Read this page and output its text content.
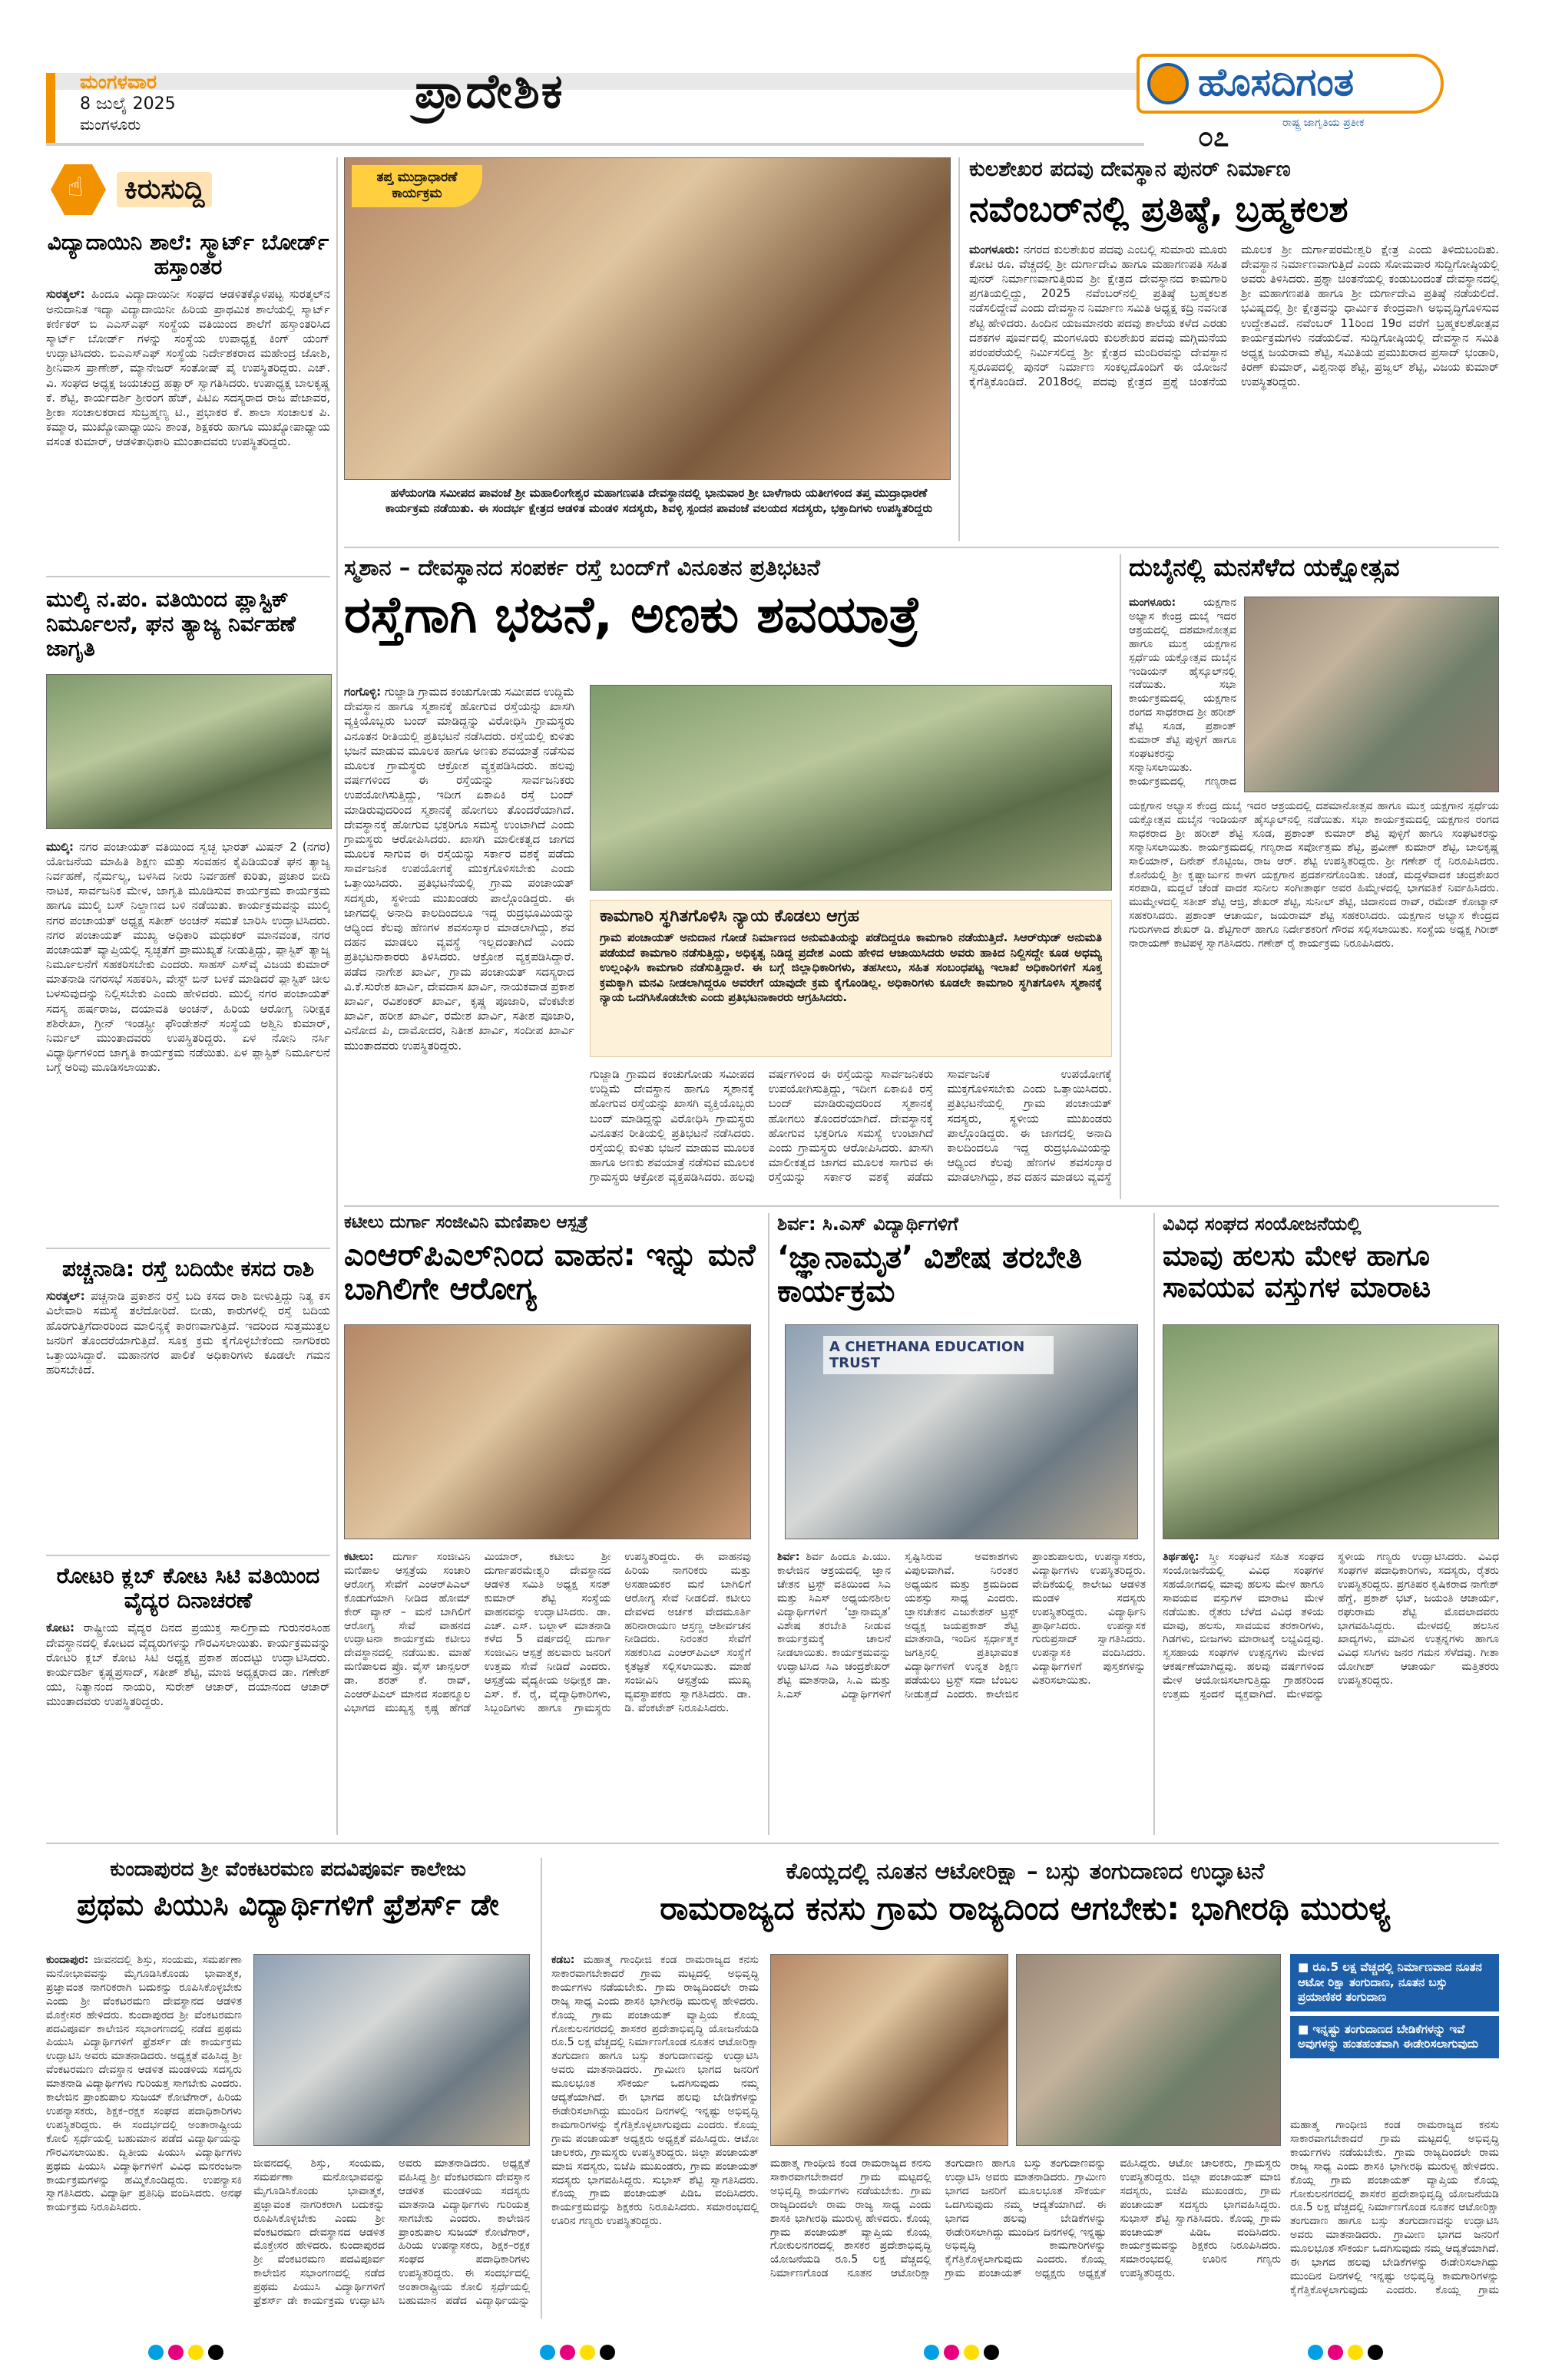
ಮಂಗಳವಾರ
8 ಜುಲೈ 2025
ಮಂಗಳೂರು
ಪ್ರಾದೇಶಿಕ	ಹೊಸದಿಗಂತ
ರಾಷ್ಟ್ರ ಜಾಗೃತಿಯ ಪ್ರತೀಕ
೦೭
☝ ಕಿರುಸುದ್ದಿ
ವಿದ್ಯಾದಾಯಿನಿ ಶಾಲೆ: ಸ್ಮಾರ್ಟ್ ಬೋರ್ಡ್ ಹಸ್ತಾಂತರ
ಸುರತ್ಕಲ್: ಹಿಂದೂ ವಿದ್ಯಾದಾಯಿನೀ ಸಂಘದ ಆಡಳಿತಕ್ಕೊಳಪಟ್ಟ ಸುರತ್ಕಲ್‌ನ ಅನುದಾನಿತ ಇದ್ಯಾ ವಿದ್ಯಾದಾಯಿನೀ ಹಿರಿಯ ಪ್ರಾಥಮಿಕ ಶಾಲೆಯಲ್ಲಿ ಸ್ಮಾರ್ಟ್ ಕರ್ಣಿಕರ್ ಬಿ ಎಎಸ್‌ಎಫ್ ಸಂಸ್ಥೆಯ ವತಿಯಿಂದ ಶಾಲೆಗೆ ಹಸ್ತಾಂತರಿಸಿದ ಸ್ಮಾರ್ಟ್ ಬೋರ್ಡ್ ಗಳನ್ನು ಸಂಸ್ಥೆಯ ಉಪಾಧ್ಯಕ್ಷ ಕಿಂಗ್ ಯಂಗ್ ಉದ್ಘಾಟಿಸಿದರು. ಬಿಎಎಸ್‌ಎಫ್ ಸಂಸ್ಥೆಯ ನಿರ್ದೇಶಕರಾದ ಮಹೇಂದ್ರ ಜೋಶಿ, ಶ್ರೀನಿವಾಸ ಪ್ರಾಣೇಶ್, ಮ್ಯಾನೇಜರ್ ಸಂತೋಷ್ ಪೈ ಉಪಸ್ಥಿತರಿದ್ದರು. ಎಚ್. ವಿ. ಸಂಘದ ಅಧ್ಯಕ್ಷ ಜಯಚಂದ್ರ ಹತ್ವಾರ್ ಸ್ವಾಗತಿಸಿದರು. ಉಪಾಧ್ಯಕ್ಷ ಬಾಲಕೃಷ್ಣ ಕೆ. ಶೆಟ್ಟಿ, ಕಾರ್ಯದರ್ಶಿ ಶ್ರೀರಂಗ ಹೆಚ್, ಪಿಟಿಏ ಸದಸ್ಯರಾದ ರಾಜ ಪೇಜಾವರ, ಶ್ರೀಕಾ ಸಂಚಾಲಕರಾದ ಸುಬ್ರಹ್ಮಣ್ಯ ಟಿ., ಪ್ರಭಾಕರ ಕೆ. ಶಾಲಾ ಸಂಚಾಲಕ ಪಿ. ಕಮ್ಮಾರ, ಮುಖ್ಯೋಪಾಧ್ಯಾಯಿನಿ ಶಾಂತ, ಶಿಕ್ಷಕರು ಹಾಗೂ ಮುಖ್ಯೋಪಾಧ್ಯಾಯ ವಸಂತ ಕುಮಾರ್, ಆಡಳಿತಾಧಿಕಾರಿ ಮುಂತಾದವರು ಉಪಸ್ಥಿತರಿದ್ದರು.
ಮುಲ್ಕಿ ನ.ಪಂ. ವತಿಯಿಂದ ಪ್ಲಾಸ್ಟಿಕ್ ನಿರ್ಮೂಲನೆ, ಘನ ತ್ಯಾಜ್ಯ ನಿರ್ವಹಣೆ ಜಾಗೃತಿ
ಮುಲ್ಕಿ: ನಗರ ಪಂಚಾಯತ್ ವತಿಯಿಂದ ಸ್ವಚ್ಛ ಭಾರತ್ ಮಿಷನ್ 2 (ನಗರ) ಯೋಜನೆಯ ಮಾಹಿತಿ ಶಿಕ್ಷಣ ಮತ್ತು ಸಂವಹನ ಕೈಪಿಡಿಯಂತೆ ಘನ ತ್ಯಾಜ್ಯ ನಿರ್ವಹಣೆ, ನೈರ್ಮಲ್ಯ, ಬಳಸಿದ ನೀರು ನಿರ್ವಹಣೆ ಕುರಿತು, ಪ್ರಚಾರ ಬೀದಿ ನಾಟಕ, ಸಾರ್ವಜನಿಕ ಮೇಳ, ಜಾಗೃತಿ ಮೂಡಿಸುವ ಕಾರ್ಯಕ್ರಮ ಕಾರ್ಯಕ್ರಮ ಹಾಗೂ ಮುಲ್ಕಿ ಬಸ್ ನಿಲ್ದಾಣದ ಬಳಿ ನಡೆಯಿತು. ಕಾರ್ಯಕ್ರಮವನ್ನು ಮುಲ್ಕಿ ನಗರ ಪಂಚಾಯತ್ ಅಧ್ಯಕ್ಷ ಸತೀಶ್ ಅಂಚನ್ ಸಮತೆ ಬಾರಿಸಿ ಉದ್ಘಾಟಿಸಿದರು. ನಗರ ಪಂಚಾಯತ್ ಮುಖ್ಯ ಅಧಿಕಾರಿ ಮಧುಕರ್ ಮಾನವಂತ, ನಗರ ಪಂಚಾಯತ್ ವ್ಯಾಪ್ತಿಯಲ್ಲಿ ಸ್ವಚ್ಛತೆಗೆ ಪ್ರಾಮುಖ್ಯತೆ ನೀಡುತ್ತಿದ್ದು, ಪ್ಲಾಸ್ಟಿಕ್ ತ್ಯಾಜ್ಯ ನಿರ್ಮೂಲನೆಗೆ ಸಹಕರಿಸಬೇಕು ಎಂದರು. ಸಾಹಸ್ ಎಸ್‌ವೈ ವಿಜಯ ಕುಮಾರ್ ಮಾತನಾಡಿ ನಗರಸಭೆ ಸಹಕರಿಸಿ, ವೇಸ್ಟ್ ಬಿನ್ ಬಳಕೆ ಮಾಡಿದರೆ ಪ್ಲಾಸ್ಟಿಕ್ ಚೀಲ ಬಳಸುವುದನ್ನು ನಿಲ್ಲಿಸಬೇಕು ಎಂದು ಹೇಳಿದರು. ಮುಲ್ಕಿ ನಗರ ಪಂಚಾಯತ್ ಸದಸ್ಯ ಹರ್ಷರಾಜ, ದಯಾವತಿ ಅಂಚನ್, ಹಿರಿಯ ಆರೋಗ್ಯ ನಿರೀಕ್ಷಕ ಶಶಿರೇಖಾ, ಗ್ರೀನ್ ಇಂಡಸ್ಟ್ರೀ ಫೌಂಡೇಶನ್ ಸಂಸ್ಥೆಯ ಅಶ್ವಿನಿ ಕುಮಾರ್, ನಿರ್ಮಲ್ ಮುಂತಾದವರು ಉಪಸ್ಥಿತರಿದ್ದರು. ಏಳ ನೋನಿ ನರ್ಸಿ ವಿಧ್ಯಾರ್ಥಿಗಳಿಂದ ಜಾಗೃತಿ ಕಾರ್ಯಕ್ರಮ ನಡೆಯಿತು. ಏಳ ಪ್ಲಾಸ್ಟಿಕ್ ನಿರ್ಮೂಲನೆ ಬಗ್ಗೆ ಅರಿವು ಮೂಡಿಸಲಾಯಿತು.
ಪಚ್ಚನಾಡಿ: ರಸ್ತೆ ಬದಿಯೇ ಕಸದ ರಾಶಿ
ಸುರತ್ಕಲ್: ಪಚ್ಚನಾಡಿ ಪ್ರಕಾಶನ ರಸ್ತೆ ಬದಿ ಕಸದ ರಾಶಿ ಬೀಳುತ್ತಿದ್ದು ನಿತ್ಯ ಕಸ ವಿಲೇವಾರಿ ಸಮಸ್ಯೆ ತಲೆದೋರಿದೆ. ಬೀಡು, ಕಾರುಗಳಲ್ಲಿ ರಸ್ತೆ ಬದಿಯ ಹೊರಗುತ್ತಿಗೆದಾರರಿಂದ ಮಾಲಿನ್ಯಕ್ಕೆ ಕಾರಣವಾಗುತ್ತಿದೆ. ಇದರಿಂದ ಸುತ್ತಮುತ್ತಲ ಜನರಿಗೆ ತೊಂದರೆಯಾಗುತ್ತಿದೆ. ಸೂಕ್ತ ಕ್ರಮ ಕೈಗೊಳ್ಳಬೇಕೆಂದು ನಾಗರಿಕರು ಒತ್ತಾಯಿಸಿದ್ದಾರೆ. ಮಹಾನಗರ ಪಾಲಿಕೆ ಅಧಿಕಾರಿಗಳು ಕೂಡಲೇ ಗಮನ ಹರಿಸಬೇಕಿದೆ.
ರೋಟರಿ ಕ್ಲಬ್ ಕೋಟ ಸಿಟಿ ವತಿಯಿಂದ ವೈದ್ಯರ ದಿನಾಚರಣೆ
ಕೋಟ: ರಾಷ್ಟ್ರೀಯ ವೈದ್ಯರ ದಿನದ ಪ್ರಯುಕ್ತ ಸಾಲಿಗ್ರಾಮ ಗುರುನರಸಿಂಹ ದೇವಸ್ಥಾನದಲ್ಲಿ ಕೋಟದ ವೈದ್ಯರುಗಳನ್ನು ಗೌರವಿಸಲಾಯಿತು. ಕಾರ್ಯಕ್ರಮವನ್ನು ರೋಟರಿ ಕ್ಲಬ್ ಕೋಟ ಸಿಟಿ ಅಧ್ಯಕ್ಷ ಪ್ರಕಾಶ ಹಂದಟ್ಟು ಉದ್ಘಾಟಿಸಿದರು. ಕಾರ್ಯದರ್ಶಿ ಕೃಷ್ಣಪ್ರಸಾದ್, ಸತೀಶ್ ಶೆಟ್ಟಿ, ಮಾಜಿ ಅಧ್ಯಕ್ಷರಾದ ಡಾ. ಗಣೇಶ್ ಯು, ನಿತ್ಯಾನಂದ ನಾಯರಿ, ಸುರೇಶ್ ಆಚಾರ್, ದಯಾನಂದ ಆಚಾರ್ ಮುಂತಾದವರು ಉಪಸ್ಥಿತರಿದ್ದರು.
ತಪ್ತ ಮುದ್ರಾಧಾರಣೆ ಕಾರ್ಯಕ್ರಮ
ಹಳೆಯಂಗಡಿ ಸಮೀಪದ ಪಾವಂಜೆ ಶ್ರೀ ಮಹಾಲಿಂಗೇಶ್ವರ ಮಹಾಗಣಪತಿ ದೇವಸ್ಥಾನದಲ್ಲಿ ಭಾನುವಾರ ಶ್ರೀ ಬಾಳೆಗಾರು ಯತೀಗಳಿಂದ ತಪ್ತ ಮುದ್ರಾಧಾರಣೆ ಕಾರ್ಯಕ್ರಮ ನಡೆಯಿತು. ಈ ಸಂದರ್ಭ ಕ್ಷೇತ್ರದ ಆಡಳಿತ ಮಂಡಳಿ ಸದಸ್ಯರು, ಶಿವಳ್ಳಿ ಸ್ಪಂದನ ಪಾವಂಜೆ ವಲಯದ ಸದಸ್ಯರು, ಭಕ್ತಾದಿಗಳು ಉಪಸ್ಥಿತರಿದ್ದರು
ಕುಲಶೇಖರ ಪದವು ದೇವಸ್ಥಾನ ಪುನರ್ ನಿರ್ಮಾಣ
ನವೆಂಬರ್‌ನಲ್ಲಿ ಪ್ರತಿಷ್ಠೆ, ಬ್ರಹ್ಮಕಲಶ
ಮಂಗಳೂರು: ನಗರದ ಕುಲಶೇಖರ ಪದವು ಎಂಬಲ್ಲಿ ಸುಮಾರು ಮೂರು ಕೋಟಿ ರೂ. ವೆಚ್ಚದಲ್ಲಿ ಶ್ರೀ ದುರ್ಗಾದೇವಿ ಹಾಗೂ ಮಹಾಗಣಪತಿ ಸಹಿತ ಪುನರ್ ನಿರ್ಮಾಣವಾಗುತ್ತಿರುವ ಶ್ರೀ ಕ್ಷೇತ್ರದ ದೇವಸ್ಥಾನದ ಕಾಮಗಾರಿ ಪ್ರಗತಿಯಲ್ಲಿದ್ದು, 2025 ನವೆಂಬರ್‌ನಲ್ಲಿ ಪ್ರತಿಷ್ಠೆ ಬ್ರಹ್ಮಕಲಶ ನಡೆಸಲಿದ್ದೇವೆ ಎಂದು ದೇವಸ್ಥಾನ ನಿರ್ಮಾಣ ಸಮಿತಿ ಅಧ್ಯಕ್ಷ ಕದ್ರಿ ನವನೀತ ಶೆಟ್ಟಿ ಹೇಳಿದರು. ಹಿಂದಿನ ಯಜಮಾನರು ಪದವು ಶಾಲೆಯ ಕಳೆದ ಎರಡು ದಶಕಗಳ ಪೂರ್ವದಲ್ಲಿ ಮಂಗಳೂರು ಕುಲಶೇಖರ ಪದವು ಮಗ್ಗಿಮನೆಯ ಪರಂಪರೆಯಲ್ಲಿ ನಿರ್ಮಿಸಲಿದ್ದ ಶ್ರೀ ಕ್ಷೇತ್ರದ ಮಂದಿರವನ್ನು ದೇವಸ್ಥಾನ ಸ್ವರೂಪದಲ್ಲಿ ಪುನರ್ ನಿರ್ಮಾಣ ಸಂಕಲ್ಪದೊಂದಿಗೆ ಈ ಯೋಜನೆ ಕೈಗೆತ್ತಿಕೊಂಡಿದೆ. 2018ರಲ್ಲಿ ಪದವು ಕ್ಷೇತ್ರದ ಪ್ರಶ್ನೆ ಚಿಂತನೆಯ ಮೂಲಕ ಶ್ರೀ ದುರ್ಗಾಪರಮೇಶ್ವರಿ ಕ್ಷೇತ್ರ ಎಂದು ತಿಳಿದುಬಂದಿತು. ದೇವಸ್ಥಾನ ನಿರ್ಮಾಣವಾಗುತ್ತಿದೆ ಎಂದು ಸೋಮವಾರ ಸುದ್ದಿಗೋಷ್ಠಿಯಲ್ಲಿ ಅವರು ತಿಳಿಸಿದರು. ಪ್ರಶ್ನಾ ಚಿಂತನೆಯಲ್ಲಿ ಕಂಡುಬಂದಂತೆ ದೇವಸ್ಥಾನದಲ್ಲಿ ಶ್ರೀ ಮಹಾಗಣಪತಿ ಹಾಗೂ ಶ್ರೀ ದುರ್ಗಾದೇವಿ ಪ್ರತಿಷ್ಠೆ ನಡೆಯಲಿದೆ. ಭವಿಷ್ಯದಲ್ಲಿ ಶ್ರೀ ಕ್ಷೇತ್ರವನ್ನು ಧಾರ್ಮಿಕ ಕೇಂದ್ರವಾಗಿ ಅಭಿವೃದ್ಧಿಗೊಳಿಸುವ ಉದ್ದೇಶವಿದೆ. ನವೆಂಬರ್ 11ರಿಂದ 19ರ ವರೆಗೆ ಬ್ರಹ್ಮಕಲಶೋತ್ಸವ ಕಾರ್ಯಕ್ರಮಗಳು ನಡೆಯಲಿವೆ. ಸುದ್ದಿಗೋಷ್ಠಿಯಲ್ಲಿ ದೇವಸ್ಥಾನ ಸಮಿತಿ ಅಧ್ಯಕ್ಷ ಜಯರಾಮ ಶೆಟ್ಟಿ, ಸಮಿತಿಯ ಪ್ರಮುಖರಾದ ಪ್ರಸಾದ್ ಭಂಡಾರಿ, ಕಿರಣ್ ಕುಮಾರ್, ವಿಶ್ವನಾಥ ಶೆಟ್ಟಿ, ಪ್ರಜ್ವಲ್ ಶೆಟ್ಟಿ, ವಿಜಯ ಕುಮಾರ್ ಉಪಸ್ಥಿತರಿದ್ದರು.
ಸ್ಮಶಾನ – ದೇವಸ್ಥಾನದ ಸಂಪರ್ಕ ರಸ್ತೆ ಬಂದ್‌ಗೆ ವಿನೂತನ ಪ್ರತಿಭಟನೆ
ರಸ್ತೆಗಾಗಿ ಭಜನೆ, ಅಣಕು ಶವಯಾತ್ರೆ
ಗಂಗೊಳ್ಳಿ: ಗುಜ್ಜಾಡಿ ಗ್ರಾಮದ ಕಂಚುಗೋಡು ಸಮೀಪದ ಉದ್ದಿಮೆ ದೇವಸ್ಥಾನ ಹಾಗೂ ಸ್ಮಶಾನಕ್ಕೆ ಹೋಗುವ ರಸ್ತೆಯನ್ನು ಖಾಸಗಿ ವ್ಯಕ್ತಿಯೊಬ್ಬರು ಬಂದ್ ಮಾಡಿದ್ದನ್ನು ವಿರೋಧಿಸಿ ಗ್ರಾಮಸ್ಥರು ವಿನೂತನ ರೀತಿಯಲ್ಲಿ ಪ್ರತಿಭಟನೆ ನಡೆಸಿದರು. ರಸ್ತೆಯಲ್ಲಿ ಕುಳಿತು ಭಜನೆ ಮಾಡುವ ಮೂಲಕ ಹಾಗೂ ಅಣಕು ಶವಯಾತ್ರೆ ನಡೆಸುವ ಮೂಲಕ ಗ್ರಾಮಸ್ಥರು ಆಕ್ರೋಶ ವ್ಯಕ್ತಪಡಿಸಿದರು. ಹಲವು ವರ್ಷಗಳಿಂದ ಈ ರಸ್ತೆಯನ್ನು ಸಾರ್ವಜನಿಕರು ಉಪಯೋಗಿಸುತ್ತಿದ್ದು, ಇದೀಗ ಏಕಾಏಕಿ ರಸ್ತೆ ಬಂದ್ ಮಾಡಿರುವುದರಿಂದ ಸ್ಮಶಾನಕ್ಕೆ ಹೋಗಲು ತೊಂದರೆಯಾಗಿದೆ. ದೇವಸ್ಥಾನಕ್ಕೆ ಹೋಗುವ ಭಕ್ತರಿಗೂ ಸಮಸ್ಯೆ ಉಂಟಾಗಿದೆ ಎಂದು ಗ್ರಾಮಸ್ಥರು ಆರೋಪಿಸಿದರು. ಖಾಸಗಿ ಮಾಲೀಕತ್ವದ ಜಾಗದ ಮೂಲಕ ಸಾಗುವ ಈ ರಸ್ತೆಯನ್ನು ಸರ್ಕಾರ ವಶಕ್ಕೆ ಪಡೆದು ಸಾರ್ವಜನಿಕ ಉಪಯೋಗಕ್ಕೆ ಮುಕ್ತಗೊಳಿಸಬೇಕು ಎಂದು ಒತ್ತಾಯಿಸಿದರು. ಪ್ರತಿಭಟನೆಯಲ್ಲಿ ಗ್ರಾಮ ಪಂಚಾಯತ್ ಸದಸ್ಯರು, ಸ್ಥಳೀಯ ಮುಖಂಡರು ಪಾಲ್ಗೊಂಡಿದ್ದರು. ಈ ಜಾಗದಲ್ಲಿ ಅನಾದಿ ಕಾಲದಿಂದಲೂ ಇದ್ದ ರುದ್ರಭೂಮಿಯನ್ನು ಆಧ್ಯಿಂದ ಕೆಲವು ಹೆಣಗಳ ಶವಸಂಸ್ಕಾರ ಮಾಡಲಾಗಿದ್ದು, ಶವ ದಹನ ಮಾಡಲು ವ್ಯವಸ್ಥೆ ಇಲ್ಲದಂತಾಗಿದೆ ಎಂದು ಪ್ರತಿಭಟನಾಕಾರರು ತಿಳಿಸಿದರು. ಆಕ್ರೋಶ ವ್ಯಕ್ತಪಡಿಸಿದ್ದಾರೆ. ಪಡೆದ ನಾಗೇಶ ಖಾರ್ವಿ, ಗ್ರಾಮ ಪಂಚಾಯತ್ ಸದಸ್ಯರಾದ ವಿ.ಕೆ.ಸುರೇಶ ಖಾರ್ವಿ, ದೇವದಾಸ ಖಾರ್ವಿ, ನಾಯಕವಾಡ ಪ್ರಕಾಶ ಖಾರ್ವಿ, ರವಿಶಂಕರ್ ಖಾರ್ವಿ, ಕೃಷ್ಣ ಪೂಜಾರಿ, ವೆಂಕಟೇಶ ಖಾರ್ವಿ, ಹರೀಶ ಖಾರ್ವಿ, ರಮೇಶ ಖಾರ್ವಿ, ಸತೀಶ ಪೂಜಾರಿ, ವಿನೋದ ಪಿ, ದಾಮೋದರ, ನಿತೀಶ ಖಾರ್ವಿ, ಸಂದೀಪ ಖಾರ್ವಿ ಮುಂತಾದವರು ಉಪಸ್ಥಿತರಿದ್ದರು.
ಕಾಮಗಾರಿ ಸ್ಥಗಿತಗೊಳಿಸಿ ನ್ಯಾಯ ಕೊಡಲು ಆಗ್ರಹ
ಗ್ರಾಮ ಪಂಚಾಯತ್ ಅನುದಾನ ಗೋಡೆ ನಿರ್ಮಾಣದ ಅನುಮತಿಯನ್ನು ಪಡೆದಿದ್ದರೂ ಕಾಮಗಾರಿ ನಡೆಯುತ್ತಿದೆ. ಸಿಆರ್‌ಝಡ್ ಅನುಮತಿ ಪಡೆಯದೆ ಕಾಮಗಾರಿ ನಡೆಸುತ್ತಿದ್ದು, ಅಧಿಕೃತ್ವ ನಿಡಿದ್ದ ಪ್ರದೇಶ ಎಂದು ಹೇಳಿದ ಆಜಾಯಿಸಿದರು ಅವರು ಹಾಕಿದ ನಿಲ್ದಿಸದ್ದೇ ಕೂಡ ಅಧಮ್ಯ ಉಲ್ಲಂಘಿಸಿ ಕಾಮಗಾರಿ ನಡೆಸುತ್ತಿದ್ದಾರೆ. ಈ ಬಗ್ಗೆ ಜಿಲ್ಲಾಧಿಕಾರಿಗಳು, ತಹಸೀಲು, ಸಹಿತ ಸಂಬಂಧಪಟ್ಟ ಇಲಾಖೆ ಅಧಿಕಾರಿಗಳಿಗೆ ಸೂಕ್ತ ಕ್ರಮಕ್ಕಾಗಿ ಮನವಿ ನೀಡಲಾಗಿದ್ದರೂ ಅವರೇಗೆ ಯಾವುದೇ ಕ್ರಮ ಕೈಗೊಂಡಿಲ್ಲ. ಅಧಿಕಾರಿಗಳು ಕೂಡಲೇ ಕಾಮಗಾರಿ ಸ್ಥಗಿತಗೊಳಿಸಿ ಸ್ಮಶಾನಕ್ಕೆ ನ್ಯಾಯ ಒದಗಿಸಿಕೊಡಬೇಕು ಎಂದು ಪ್ರತಿಭಟನಾಕಾರರು ಆಗ್ರಹಿಸಿದರು.
ಗುಜ್ಜಾಡಿ ಗ್ರಾಮದ ಕಂಚುಗೋಡು ಸಮೀಪದ ಉದ್ದಿಮೆ ದೇವಸ್ಥಾನ ಹಾಗೂ ಸ್ಮಶಾನಕ್ಕೆ ಹೋಗುವ ರಸ್ತೆಯನ್ನು ಖಾಸಗಿ ವ್ಯಕ್ತಿಯೊಬ್ಬರು ಬಂದ್ ಮಾಡಿದ್ದನ್ನು ವಿರೋಧಿಸಿ ಗ್ರಾಮಸ್ಥರು ವಿನೂತನ ರೀತಿಯಲ್ಲಿ ಪ್ರತಿಭಟನೆ ನಡೆಸಿದರು. ರಸ್ತೆಯಲ್ಲಿ ಕುಳಿತು ಭಜನೆ ಮಾಡುವ ಮೂಲಕ ಹಾಗೂ ಅಣಕು ಶವಯಾತ್ರೆ ನಡೆಸುವ ಮೂಲಕ ಗ್ರಾಮಸ್ಥರು ಆಕ್ರೋಶ ವ್ಯಕ್ತಪಡಿಸಿದರು. ಹಲವು ವರ್ಷಗಳಿಂದ ಈ ರಸ್ತೆಯನ್ನು ಸಾರ್ವಜನಿಕರು ಉಪಯೋಗಿಸುತ್ತಿದ್ದು, ಇದೀಗ ಏಕಾಏಕಿ ರಸ್ತೆ ಬಂದ್ ಮಾಡಿರುವುದರಿಂದ ಸ್ಮಶಾನಕ್ಕೆ ಹೋಗಲು ತೊಂದರೆಯಾಗಿದೆ. ದೇವಸ್ಥಾನಕ್ಕೆ ಹೋಗುವ ಭಕ್ತರಿಗೂ ಸಮಸ್ಯೆ ಉಂಟಾಗಿದೆ ಎಂದು ಗ್ರಾಮಸ್ಥರು ಆರೋಪಿಸಿದರು. ಖಾಸಗಿ ಮಾಲೀಕತ್ವದ ಜಾಗದ ಮೂಲಕ ಸಾಗುವ ಈ ರಸ್ತೆಯನ್ನು ಸರ್ಕಾರ ವಶಕ್ಕೆ ಪಡೆದು ಸಾರ್ವಜನಿಕ ಉಪಯೋಗಕ್ಕೆ ಮುಕ್ತಗೊಳಿಸಬೇಕು ಎಂದು ಒತ್ತಾಯಿಸಿದರು. ಪ್ರತಿಭಟನೆಯಲ್ಲಿ ಗ್ರಾಮ ಪಂಚಾಯತ್ ಸದಸ್ಯರು, ಸ್ಥಳೀಯ ಮುಖಂಡರು ಪಾಲ್ಗೊಂಡಿದ್ದರು. ಈ ಜಾಗದಲ್ಲಿ ಅನಾದಿ ಕಾಲದಿಂದಲೂ ಇದ್ದ ರುದ್ರಭೂಮಿಯನ್ನು ಆಧ್ಯಿಂದ ಕೆಲವು ಹೆಣಗಳ ಶವಸಂಸ್ಕಾರ ಮಾಡಲಾಗಿದ್ದು, ಶವ ದಹನ ಮಾಡಲು ವ್ಯವಸ್ಥೆ
ದುಬೈನಲ್ಲಿ ಮನಸೆಳೆದ ಯಕ್ಷೋತ್ಸವ
ಮಂಗಳೂರು:	ಯಕ್ಷಗಾನ ಅಭ್ಯಾಸ ಕೇಂದ್ರ ದುಬೈ ಇದರ ಆಶ್ರಯದಲ್ಲಿ ದಶಮಾನೋತ್ಸವ ಹಾಗೂ ಮುಕ್ತ ಯಕ್ಷಗಾನ ಸ್ಪರ್ಧೆಯ ಯಕ್ಷೋತ್ಸವ ದುಬೈನ ಇಂಡಿಯನ್ ಹೈಸ್ಕೂಲ್‌ನಲ್ಲಿ ನಡೆಯಿತು. ಸಭಾ ಕಾರ್ಯಕ್ರಮದಲ್ಲಿ ಯಕ್ಷಗಾನ ರಂಗದ ಸಾಧಕರಾದ ಶ್ರೀ ಹರೀಶ್ ಶೆಟ್ಟಿ ಸೂಡ, ಪ್ರಶಾಂತ್ ಕುಮಾರ್ ಶೆಟ್ಟಿ ಪುಳ್ಳಿಗೆ ಹಾಗೂ ಸಂಘಟಕರನ್ನು ಸನ್ಮಾನಿಸಲಾಯಿತು. ಕಾರ್ಯಕ್ರಮದಲ್ಲಿ ಗಣ್ಯರಾದ
ಯಕ್ಷಗಾನ ಅಭ್ಯಾಸ ಕೇಂದ್ರ ದುಬೈ ಇದರ ಆಶ್ರಯದಲ್ಲಿ ದಶಮಾನೋತ್ಸವ ಹಾಗೂ ಮುಕ್ತ ಯಕ್ಷಗಾನ ಸ್ಪರ್ಧೆಯ ಯಕ್ಷೋತ್ಸವ ದುಬೈನ ಇಂಡಿಯನ್ ಹೈಸ್ಕೂಲ್‌ನಲ್ಲಿ ನಡೆಯಿತು. ಸಭಾ ಕಾರ್ಯಕ್ರಮದಲ್ಲಿ ಯಕ್ಷಗಾನ ರಂಗದ ಸಾಧಕರಾದ ಶ್ರೀ ಹರೀಶ್ ಶೆಟ್ಟಿ ಸೂಡ, ಪ್ರಶಾಂತ್ ಕುಮಾರ್ ಶೆಟ್ಟಿ ಪುಳ್ಳಿಗೆ ಹಾಗೂ ಸಂಘಟಕರನ್ನು ಸನ್ಮಾನಿಸಲಾಯಿತು. ಕಾರ್ಯಕ್ರಮದಲ್ಲಿ ಗಣ್ಯರಾದ ಸರ್ವೋತ್ತಮ ಶೆಟ್ಟಿ, ಪ್ರವೀಣ್ ಕುಮಾರ್ ಶೆಟ್ಟಿ, ಬಾಲಕೃಷ್ಣ ಸಾಲಿಯಾನ್, ದಿನೇಶ್ ಕೊಟ್ಟಿಂಜ, ರಾಜ ಆರ್. ಶೆಟ್ಟಿ ಉಪಸ್ಥಿತರಿದ್ದರು. ಶ್ರೀ ಗಣೇಶ್ ರೈ ನಿರೂಪಿಸಿದರು. ಕೊನೆಯಲ್ಲಿ ಶ್ರೀ ಕೃಷ್ಣಾರ್ಜುನ ಕಾಳಗ ಯಕ್ಷಗಾನ ಪ್ರದರ್ಶನಗೊಂಡಿತು. ಚಂಡೆ, ಮದ್ದಳೆವಾದಕ ಚಂದ್ರಶೇಖರ ಸರಪಾಡಿ, ಮದ್ದಲೆ ಚೆಂಡೆ ವಾದಕ ಸುನೀಲ ಸಂಗೀತಾರ್ಥ ಅವರ ಹಿಮ್ಮೇಳದಲ್ಲಿ ಭಾಗವತಿಕೆ ನಿರ್ವಹಿಸಿದರು. ಮುಮ್ಮೇಳದಲ್ಲಿ ಸತೀಶ್ ಶೆಟ್ಟಿ ಆಜ್ರಿ, ಶೇಖರ್ ಶೆಟ್ಟಿ, ಸುನೀಲ್ ಶೆಟ್ಟಿ, ಚಿದಾನಂದ ರಾವ್, ರಮೇಶ್ ಕೋಟ್ಯಾನ್ ಸಹಕರಿಸಿದರು. ಪ್ರಶಾಂತ್ ಆಚಾರ್ಯ, ಜಯರಾಮ್ ಶೆಟ್ಟಿ ಸಹಕರಿಸಿದರು. ಯಕ್ಷಗಾನ ಅಭ್ಯಾಸ ಕೇಂದ್ರದ ಗುರುಗಳಾದ ಶೇಖರ್ ಡಿ. ಶೆಟ್ಟಿಗಾರ್ ಹಾಗೂ ನಿರ್ದೇಶಕರಿಗೆ ಗೌರವ ಸಲ್ಲಿಸಲಾಯಿತು. ಸಂಸ್ಥೆಯ ಅಧ್ಯಕ್ಷ ಗಿರೀಶ್ ನಾರಾಯಣ್ ಕಾಟಿಪಳ್ಳ ಸ್ವಾಗತಿಸಿದರು. ಗಣೇಶ್ ರೈ ಕಾರ್ಯಕ್ರಮ ನಿರೂಪಿಸಿದರು.
ಕಟೀಲು ದುರ್ಗಾ ಸಂಜೀವಿನಿ ಮಣಿಪಾಲ ಆಸ್ಪತ್ರೆ
ಎಂಆರ್‌ಪಿಎಲ್‌ನಿಂದ ವಾಹನ: ಇನ್ನು ಮನೆ ಬಾಗಿಲಿಗೇ ಆರೋಗ್ಯ
ಕಟೀಲು: ದುರ್ಗಾ ಸಂಜೀವಿನಿ ಮಣಿಪಾಲ ಆಸ್ಪತ್ರೆಯ ಸಂಚಾರಿ ಆರೋಗ್ಯ ಸೇವೆಗೆ ಎಂಆರ್‌ಪಿಎಲ್ ಕೊಡುಗೆಯಾಗಿ ನೀಡಿದ ಹೋಮ್ ಕೇರ್ ವ್ಯಾನ್ – ಮನೆ ಬಾಗಿಲಿಗೆ ಆರೋಗ್ಯ ಸೇವೆ ವಾಹನದ ಉದ್ಘಾಟನಾ ಕಾರ್ಯಕ್ರಮ ಕಟೀಲು ದೇವಸ್ಥಾನದಲ್ಲಿ ನಡೆಯಿತು. ಮಾಹೆ ಮಣಿಪಾಲದ ಪ್ರೊ. ವೈಸ್ ಚಾನ್ಸಲರ್ ಡಾ. ಶರತ್ ಕೆ. ರಾವ್, ಎಂಆರ್‌ಪಿಎಲ್ ಮಾನವ ಸಂಪನ್ಮೂಲ ವಿಭಾಗದ ಮುಖ್ಯಸ್ಥ ಕೃಷ್ಣ ಹೆಗಡೆ ಮಿಯಾರ್, ಕಟೀಲು ಶ್ರೀ ದುರ್ಗಾಪರಮೇಶ್ವರಿ ದೇವಸ್ಥಾನದ ಆಡಳಿತ ಸಮಿತಿ ಅಧ್ಯಕ್ಷ ಸನತ್ ಕುಮಾರ್ ಶೆಟ್ಟಿ ಸಂಸ್ಥೆಯ ವಾಹನವನ್ನು ಉದ್ಘಾಟಿಸಿದರು. ಡಾ. ಎಚ್. ಎಸ್. ಬಲ್ಲಾಳ್ ಮಾತನಾಡಿ ಕಳೆದ 5 ವರ್ಷದಲ್ಲಿ ದುರ್ಗಾ ಸಂಜೀವಿನಿ ಆಸ್ಪತ್ರೆ ಹಲವಾರು ಜನರಿಗೆ ಉತ್ತಮ ಸೇವೆ ನೀಡಿದೆ ಎಂದರು. ಆಸ್ಪತ್ರೆಯ ವೈದ್ಯಕೀಯ ಅಧೀಕ್ಷಕ ಡಾ. ಎಸ್. ಕೆ. ರೈ, ವೈದ್ಯಾಧಿಕಾರಿಗಳು, ಸಿಬ್ಬಂದಿಗಳು ಹಾಗೂ ಗ್ರಾಮಸ್ಥರು ಉಪಸ್ಥಿತರಿದ್ದರು. ಈ ವಾಹನವು ಹಿರಿಯ ನಾಗರಿಕರು ಮತ್ತು ಅಸಹಾಯಕರ ಮನೆ ಬಾಗಿಲಿಗೆ ಆರೋಗ್ಯ ಸೇವೆ ನೀಡಲಿದೆ. ಕಟೀಲು ದೇವಳದ ಅರ್ಚಕ ವೇದಮೂರ್ತಿ ಹರಿನಾರಾಯಣ ಆಸ್ರಣ್ಣ ಆಶೀರ್ವಚನ ನೀಡಿದರು. ನಿರಂತರ ಸೇವೆಗೆ ಸಹಕರಿಸಿದ ಎಂಆರ್‌ಪಿಎಲ್ ಸಂಸ್ಥೆಗೆ ಕೃತಜ್ಞತೆ ಸಲ್ಲಿಸಲಾಯಿತು. ಮಾಹೆ ಸಂಜೀವಿನಿ ಆಸ್ಪತ್ರೆಯ ಮುಖ್ಯ ವ್ಯವಸ್ಥಾಪಕರು ಸ್ವಾಗತಿಸಿದರು. ಡಾ. ಡಿ. ವೆಂಕಟೇಶ್ ನಿರೂಪಿಸಿದರು.
ಶಿರ್ವ: ಸಿ.ಎಸ್ ವಿದ್ಯಾರ್ಥಿಗಳಿಗೆ
‘ಜ್ಞಾನಾಮೃತ’ ವಿಶೇಷ ತರಬೇತಿ ಕಾರ್ಯಕ್ರಮ
A CHETHANA EDUCATION TRUST
ಶಿರ್ವ: ಶಿರ್ವ ಹಿಂದೂ ಪಿ.ಯು. ಕಾಲೇಜಿನ ಆಶ್ರಯದಲ್ಲಿ ಜ್ಞಾನ ಚೇತನ ಟ್ರಸ್ಟ್ ವತಿಯಿಂದ ಸಿಎ ಮತ್ತು ಸಿಎಸ್ ಅಧ್ಯಯನಶೀಲ ವಿದ್ಯಾರ್ಥಿಗಳಿಗೆ ‘ಜ್ಞಾನಾಮೃತ’ ವಿಶೇಷ ತರಬೇತಿ ನೀಡುವ ಕಾರ್ಯಕ್ರಮಕ್ಕೆ ಚಾಲನೆ ನೀಡಲಾಯಿತು. ಕಾರ್ಯಕ್ರಮವನ್ನು ಉದ್ಘಾಟಿಸಿದ ಸಿಎ ಚಂದ್ರಶೇಖರ್ ಶೆಟ್ಟಿ ಮಾತನಾಡಿ, ಸಿ.ಎ ಮತ್ತು ಸಿ.ಎಸ್ ವಿದ್ಯಾರ್ಥಿಗಳಿಗೆ ಸೃಷ್ಟಿಸಿರುವ ಅವಕಾಶಗಳು ವಿಪುಲವಾಗಿವೆ. ನಿರಂತರ ಅಧ್ಯಯನ ಮತ್ತು ಶ್ರಮದಿಂದ ಯಶಸ್ಸು ಸಾಧ್ಯ ಎಂದರು. ಜ್ಞಾನಚೇತನ ಎಜುಕೇಶನ್ ಟ್ರಸ್ಟ್ ಅಧ್ಯಕ್ಷ ಜಯಪ್ರಕಾಶ್ ಶೆಟ್ಟಿ ಮಾತನಾಡಿ, ಇಂದಿನ ಸ್ಪರ್ಧಾತ್ಮಕ ಜಗತ್ತಿನಲ್ಲಿ ಪ್ರತಿಭಾವಂತ ವಿದ್ಯಾರ್ಥಿಗಳಿಗೆ ಉನ್ನತ ಶಿಕ್ಷಣ ಪಡೆಯಲು ಟ್ರಸ್ಟ್ ಸದಾ ಬೆಂಬಲ ನೀಡುತ್ತದೆ ಎಂದರು. ಕಾಲೇಜಿನ ಪ್ರಾಂಶುಪಾಲರು, ಉಪನ್ಯಾಸಕರು, ವಿದ್ಯಾರ್ಥಿಗಳು ಉಪಸ್ಥಿತರಿದ್ದರು. ವೇದಿಕೆಯಲ್ಲಿ ಕಾಲೇಜು ಆಡಳಿತ ಮಂಡಳಿ ಸದಸ್ಯರು ಉಪಸ್ಥಿತರಿದ್ದರು. ವಿದ್ಯಾರ್ಥಿನಿ ಪ್ರಾರ್ಥಿಸಿದರು. ಉಪನ್ಯಾಸಕ ಗುರುಪ್ರಸಾದ್ ಸ್ವಾಗತಿಸಿದರು. ಉಪನ್ಯಾಸಕಿ ವಂದಿಸಿದರು. ವಿದ್ಯಾರ್ಥಿಗಳಿಗೆ ಪುಸ್ತಕಗಳನ್ನು ವಿತರಿಸಲಾಯಿತು.
ವಿವಿಧ ಸಂಘದ ಸಂಯೋಜನೆಯಲ್ಲಿ
ಮಾವು ಹಲಸು ಮೇಳ ಹಾಗೂ ಸಾವಯವ ವಸ್ತುಗಳ ಮಾರಾಟ
ತಿರ್ಥಹಳ್ಳಿ: ಸ್ತ್ರೀ ಸಂಘಟನೆ ಸಹಿತ ಸಂಘದ ಸಂಯೋಜನೆಯಲ್ಲಿ ವಿವಿಧ ಸಂಘಗಳ ಸಹಯೋಗದಲ್ಲಿ ಮಾವು ಹಲಸು ಮೇಳ ಹಾಗೂ ಸಾವಯವ ವಸ್ತುಗಳ ಮಾರಾಟ ಮೇಳ ನಡೆಯಿತು. ರೈತರು ಬೆಳೆದ ವಿವಿಧ ತಳಿಯ ಮಾವು, ಹಲಸು, ಸಾವಯವ ತರಕಾರಿಗಳು, ಗಿಡಗಳು, ಬೀಜಗಳು ಮಾರಾಟಕ್ಕೆ ಲಭ್ಯವಿದ್ದವು. ಸ್ವಸಹಾಯ ಸಂಘಗಳ ಉತ್ಪನ್ನಗಳು ಮೇಳದ ಆಕರ್ಷಣೆಯಾಗಿದ್ದವು. ಹಲವು ವರ್ಷಗಳಿಂದ ಮೇಳ ಆಯೋಜಿಸಲಾಗುತ್ತಿದ್ದು ಗ್ರಾಹಕರಿಂದ ಉತ್ತಮ ಸ್ಪಂದನೆ ವ್ಯಕ್ತವಾಗಿದೆ. ಮೇಳವನ್ನು ಸ್ಥಳೀಯ ಗಣ್ಯರು ಉದ್ಘಾಟಿಸಿದರು. ವಿವಿಧ ಸಂಘಗಳ ಪದಾಧಿಕಾರಿಗಳು, ಸದಸ್ಯರು, ರೈತರು ಉಪಸ್ಥಿತರಿದ್ದರು. ಪ್ರಗತಿಪರ ಕೃಷಿಕರಾದ ನಾಗೇಶ್ ಹೆಗ್ಡೆ, ಪ್ರಕಾಶ್ ಭಟ್, ಜಯಂತಿ ಆಚಾರ್ಯ, ರಘುರಾಮ ಶೆಟ್ಟಿ ಮೊದಲಾದವರು ಭಾಗವಹಿಸಿದ್ದರು. ಮೇಳದಲ್ಲಿ ಹಲಸಿನ ಖಾದ್ಯಗಳು, ಮಾವಿನ ಉತ್ಪನ್ನಗಳು ಹಾಗೂ ವಿವಿಧ ಸಸಿಗಳು ಜನರ ಗಮನ ಸೆಳೆದವು. ಗೀತಾ ಯೋಗೀಶ್ ಆಚಾರ್ಯ ಮತ್ತಿತರರು ಉಪಸ್ಥಿತರಿದ್ದರು.
ಕುಂದಾಪುರದ ಶ್ರೀ ವೆಂಕಟರಮಣ ಪದವಿಪೂರ್ವ ಕಾಲೇಜು
ಪ್ರಥಮ ಪಿಯುಸಿ ವಿದ್ಯಾರ್ಥಿಗಳಿಗೆ ಫ್ರೆಶರ್ಸ್ ಡೇ
ಕುಂದಾಪುರ: ಜೀವನದಲ್ಲಿ ಶಿಸ್ತು, ಸಂಯಮ, ಸಮರ್ಪಣಾ ಮನೋಭಾವವನ್ನು ಮೈಗೂಡಿಸಿಕೊಂಡು ಭಾವಾತ್ಮಕ, ಪ್ರಜ್ಞಾವಂತ ನಾಗರಿಕರಾಗಿ ಬದುಕನ್ನು ರೂಪಿಸಿಕೊಳ್ಳಬೇಕು ಎಂದು ಶ್ರೀ ವೆಂಕಟರಮಣ ದೇವಸ್ಥಾನದ ಆಡಳಿತ ಮೊಕ್ತೇಸರ ಹೇಳಿದರು. ಕುಂದಾಪುರದ ಶ್ರೀ ವೆಂಕಟರಮಣ ಪದವಿಪೂರ್ವ ಕಾಲೇಜಿನ ಸಭಾಂಗಣದಲ್ಲಿ ನಡೆದ ಪ್ರಥಮ ಪಿಯುಸಿ ವಿದ್ಯಾರ್ಥಿಗಳಿಗೆ ಫ್ರೆಶರ್ಸ್ ಡೇ ಕಾರ್ಯಕ್ರಮ ಉದ್ಘಾಟಿಸಿ ಅವರು ಮಾತನಾಡಿದರು. ಅಧ್ಯಕ್ಷತೆ ವಹಿಸಿದ್ದ ಶ್ರೀ ವೆಂಕಟರಮಣ ದೇವಸ್ಥಾನ ಆಡಳಿತ ಮಂಡಳಿಯ ಸದಸ್ಯರು ಮಾತನಾಡಿ ವಿದ್ಯಾರ್ಥಿಗಳು ಗುರಿಯತ್ತ ಸಾಗಬೇಕು ಎಂದರು. ಕಾಲೇಜಿನ ಪ್ರಾಂಶುಪಾಲ ಸುಜಯ್ ಕೋಟೆಗಾರ್, ಹಿರಿಯ ಉಪನ್ಯಾಸಕರು, ಶಿಕ್ಷಕ–ರಕ್ಷಕ ಸಂಘದ ಪದಾಧಿಕಾರಿಗಳು ಉಪಸ್ಥಿತರಿದ್ದರು. ಈ ಸಂದರ್ಭದಲ್ಲಿ ಅಂತಾರಾಷ್ಟ್ರೀಯ ಕೋಲಿ ಸ್ಪರ್ಧೆಯಲ್ಲಿ ಬಹುಮಾನ ಪಡೆದ ವಿದ್ಯಾರ್ಥಿಯನ್ನು ಗೌರವಿಸಲಾಯಿತು. ದ್ವಿತೀಯ ಪಿಯುಸಿ ವಿದ್ಯಾರ್ಥಿಗಳು ಪ್ರಥಮ ಪಿಯುಸಿ ವಿದ್ಯಾರ್ಥಿಗಳಿಗೆ ವಿವಿಧ ಮನರಂಜನಾ ಕಾರ್ಯಕ್ರಮಗಳನ್ನು ಹಮ್ಮಿಕೊಂಡಿದ್ದರು. ಉಪನ್ಯಾಸಕಿ ಸ್ವಾಗತಿಸಿದರು. ವಿದ್ಯಾರ್ಥಿ ಪ್ರತಿನಿಧಿ ವಂದಿಸಿದರು. ಅನಘ ಕಾರ್ಯಕ್ರಮ ನಿರೂಪಿಸಿದರು.
ಜೀವನದಲ್ಲಿ ಶಿಸ್ತು, ಸಂಯಮ, ಸಮರ್ಪಣಾ ಮನೋಭಾವವನ್ನು ಮೈಗೂಡಿಸಿಕೊಂಡು ಭಾವಾತ್ಮಕ, ಪ್ರಜ್ಞಾವಂತ ನಾಗರಿಕರಾಗಿ ಬದುಕನ್ನು ರೂಪಿಸಿಕೊಳ್ಳಬೇಕು ಎಂದು ಶ್ರೀ ವೆಂಕಟರಮಣ ದೇವಸ್ಥಾನದ ಆಡಳಿತ ಮೊಕ್ತೇಸರ ಹೇಳಿದರು. ಕುಂದಾಪುರದ ಶ್ರೀ ವೆಂಕಟರಮಣ ಪದವಿಪೂರ್ವ ಕಾಲೇಜಿನ ಸಭಾಂಗಣದಲ್ಲಿ ನಡೆದ ಪ್ರಥಮ ಪಿಯುಸಿ ವಿದ್ಯಾರ್ಥಿಗಳಿಗೆ ಫ್ರೆಶರ್ಸ್ ಡೇ ಕಾರ್ಯಕ್ರಮ ಉದ್ಘಾಟಿಸಿ ಅವರು ಮಾತನಾಡಿದರು. ಅಧ್ಯಕ್ಷತೆ ವಹಿಸಿದ್ದ ಶ್ರೀ ವೆಂಕಟರಮಣ ದೇವಸ್ಥಾನ ಆಡಳಿತ ಮಂಡಳಿಯ ಸದಸ್ಯರು ಮಾತನಾಡಿ ವಿದ್ಯಾರ್ಥಿಗಳು ಗುರಿಯತ್ತ ಸಾಗಬೇಕು ಎಂದರು. ಕಾಲೇಜಿನ ಪ್ರಾಂಶುಪಾಲ ಸುಜಯ್ ಕೋಟೆಗಾರ್, ಹಿರಿಯ ಉಪನ್ಯಾಸಕರು, ಶಿಕ್ಷಕ–ರಕ್ಷಕ ಸಂಘದ ಪದಾಧಿಕಾರಿಗಳು ಉಪಸ್ಥಿತರಿದ್ದರು. ಈ ಸಂದರ್ಭದಲ್ಲಿ ಅಂತಾರಾಷ್ಟ್ರೀಯ ಕೋಲಿ ಸ್ಪರ್ಧೆಯಲ್ಲಿ ಬಹುಮಾನ ಪಡೆದ ವಿದ್ಯಾರ್ಥಿಯನ್ನು
ಕೊಯ್ಲದಲ್ಲಿ ನೂತನ ಆಟೋರಿಕ್ಷಾ – ಬಸ್ಸು ತಂಗುದಾಣದ ಉದ್ಘಾಟನೆ
ರಾಮರಾಜ್ಯದ ಕನಸು ಗ್ರಾಮ ರಾಜ್ಯದಿಂದ ಆಗಬೇಕು: ಭಾಗೀರಥಿ ಮುರುಳ್ಯ
ಕಡಬ: ಮಹಾತ್ಮ ಗಾಂಧೀಜಿ ಕಂಡ ರಾಮರಾಜ್ಯದ ಕನಸು ಸಾಕಾರವಾಗಬೇಕಾದರೆ ಗ್ರಾಮ ಮಟ್ಟದಲ್ಲಿ ಅಭಿವೃದ್ಧಿ ಕಾರ್ಯಗಳು ನಡೆಯಬೇಕು. ಗ್ರಾಮ ರಾಜ್ಯದಿಂದಲೇ ರಾಮ ರಾಜ್ಯ ಸಾಧ್ಯ ಎಂದು ಶಾಸಕಿ ಭಾಗೀರಥಿ ಮುರುಳ್ಯ ಹೇಳಿದರು. ಕೊಯ್ಲ ಗ್ರಾಮ ಪಂಚಾಯತ್ ವ್ಯಾಪ್ತಿಯ ಕೊಯ್ಲ ಗೋಕುಲನಗರದಲ್ಲಿ ಶಾಸಕರ ಪ್ರದೇಶಾಭಿವೃದ್ಧಿ ಯೋಜನೆಯಡಿ ರೂ.5 ಲಕ್ಷ ವೆಚ್ಚದಲ್ಲಿ ನಿರ್ಮಾಣಗೊಂಡ ನೂತನ ಆಟೋರಿಕ್ಷಾ ತಂಗುದಾಣ ಹಾಗೂ ಬಸ್ಸು ತಂಗುದಾಣವನ್ನು ಉದ್ಘಾಟಿಸಿ ಅವರು ಮಾತನಾಡಿದರು. ಗ್ರಾಮೀಣ ಭಾಗದ ಜನರಿಗೆ ಮೂಲಭೂತ ಸೌಕರ್ಯ ಒದಗಿಸುವುದು ನಮ್ಮ ಆದ್ಯತೆಯಾಗಿದೆ. ಈ ಭಾಗದ ಹಲವು ಬೇಡಿಕೆಗಳನ್ನು ಈಡೇರಿಸಲಾಗಿದ್ದು ಮುಂದಿನ ದಿನಗಳಲ್ಲಿ ಇನ್ನಷ್ಟು ಅಭಿವೃದ್ಧಿ ಕಾಮಗಾರಿಗಳನ್ನು ಕೈಗೆತ್ತಿಕೊಳ್ಳಲಾಗುವುದು ಎಂದರು. ಕೊಯ್ಲ ಗ್ರಾಮ ಪಂಚಾಯತ್ ಅಧ್ಯಕ್ಷರು ಅಧ್ಯಕ್ಷತೆ ವಹಿಸಿದ್ದರು. ಆಟೋ ಚಾಲಕರು, ಗ್ರಾಮಸ್ಥರು ಉಪಸ್ಥಿತರಿದ್ದರು. ಜಿಲ್ಲಾ ಪಂಚಾಯತ್ ಮಾಜಿ ಸದಸ್ಯರು, ಬಿಜೆಪಿ ಮುಖಂಡರು, ಗ್ರಾಮ ಪಂಚಾಯತ್ ಸದಸ್ಯರು ಭಾಗವಹಿಸಿದ್ದರು. ಸುಭಾಸ್ ಶೆಟ್ಟಿ ಸ್ವಾಗತಿಸಿದರು. ಕೊಯ್ಲ ಗ್ರಾಮ ಪಂಚಾಯತ್ ಪಿಡಿಒ ವಂದಿಸಿದರು. ಕಾರ್ಯಕ್ರಮವನ್ನು ಶಿಕ್ಷಕರು ನಿರೂಪಿಸಿದರು. ಸಮಾರಂಭದಲ್ಲಿ ಊರಿನ ಗಣ್ಯರು ಉಪಸ್ಥಿತರಿದ್ದರು.
ಮಹಾತ್ಮ ಗಾಂಧೀಜಿ ಕಂಡ ರಾಮರಾಜ್ಯದ ಕನಸು ಸಾಕಾರವಾಗಬೇಕಾದರೆ ಗ್ರಾಮ ಮಟ್ಟದಲ್ಲಿ ಅಭಿವೃದ್ಧಿ ಕಾರ್ಯಗಳು ನಡೆಯಬೇಕು. ಗ್ರಾಮ ರಾಜ್ಯದಿಂದಲೇ ರಾಮ ರಾಜ್ಯ ಸಾಧ್ಯ ಎಂದು ಶಾಸಕಿ ಭಾಗೀರಥಿ ಮುರುಳ್ಯ ಹೇಳಿದರು. ಕೊಯ್ಲ ಗ್ರಾಮ ಪಂಚಾಯತ್ ವ್ಯಾಪ್ತಿಯ ಕೊಯ್ಲ ಗೋಕುಲನಗರದಲ್ಲಿ ಶಾಸಕರ ಪ್ರದೇಶಾಭಿವೃದ್ಧಿ ಯೋಜನೆಯಡಿ ರೂ.5 ಲಕ್ಷ ವೆಚ್ಚದಲ್ಲಿ ನಿರ್ಮಾಣಗೊಂಡ ನೂತನ ಆಟೋರಿಕ್ಷಾ ತಂಗುದಾಣ ಹಾಗೂ ಬಸ್ಸು ತಂಗುದಾಣವನ್ನು ಉದ್ಘಾಟಿಸಿ ಅವರು ಮಾತನಾಡಿದರು. ಗ್ರಾಮೀಣ ಭಾಗದ ಜನರಿಗೆ ಮೂಲಭೂತ ಸೌಕರ್ಯ ಒದಗಿಸುವುದು ನಮ್ಮ ಆದ್ಯತೆಯಾಗಿದೆ. ಈ ಭಾಗದ ಹಲವು ಬೇಡಿಕೆಗಳನ್ನು ಈಡೇರಿಸಲಾಗಿದ್ದು ಮುಂದಿನ ದಿನಗಳಲ್ಲಿ ಇನ್ನಷ್ಟು ಅಭಿವೃದ್ಧಿ ಕಾಮಗಾರಿಗಳನ್ನು ಕೈಗೆತ್ತಿಕೊಳ್ಳಲಾಗುವುದು ಎಂದರು. ಕೊಯ್ಲ ಗ್ರಾಮ ಪಂಚಾಯತ್ ಅಧ್ಯಕ್ಷರು ಅಧ್ಯಕ್ಷತೆ ವಹಿಸಿದ್ದರು. ಆಟೋ ಚಾಲಕರು, ಗ್ರಾಮಸ್ಥರು ಉಪಸ್ಥಿತರಿದ್ದರು. ಜಿಲ್ಲಾ ಪಂಚಾಯತ್ ಮಾಜಿ ಸದಸ್ಯರು, ಬಿಜೆಪಿ ಮುಖಂಡರು, ಗ್ರಾಮ ಪಂಚಾಯತ್ ಸದಸ್ಯರು ಭಾಗವಹಿಸಿದ್ದರು. ಸುಭಾಸ್ ಶೆಟ್ಟಿ ಸ್ವಾಗತಿಸಿದರು. ಕೊಯ್ಲ ಗ್ರಾಮ ಪಂಚಾಯತ್ ಪಿಡಿಒ ವಂದಿಸಿದರು. ಕಾರ್ಯಕ್ರಮವನ್ನು ಶಿಕ್ಷಕರು ನಿರೂಪಿಸಿದರು. ಸಮಾರಂಭದಲ್ಲಿ ಊರಿನ ಗಣ್ಯರು ಉಪಸ್ಥಿತರಿದ್ದರು.
■ ರೂ.5 ಲಕ್ಷ ವೆಚ್ಚದಲ್ಲಿ ನಿರ್ಮಾಣವಾದ ನೂತನ ಆಟೋ ರಿಕ್ಷಾ ತಂಗುದಾಣ, ನೂತನ ಬಸ್ಸು ಪ್ರಯಾಣಿಕರ ತಂಗುದಾಣ
■ ಇನ್ನಷ್ಟು ತಂಗುದಾಣದ ಬೇಡಿಕೆಗಳನ್ನು ಇವೆ ಅವುಗಳನ್ನು ಹಂತಹಂತವಾಗಿ ಈಡೇರಿಸಲಾಗುವುದು
ಮಹಾತ್ಮ ಗಾಂಧೀಜಿ ಕಂಡ ರಾಮರಾಜ್ಯದ ಕನಸು ಸಾಕಾರವಾಗಬೇಕಾದರೆ ಗ್ರಾಮ ಮಟ್ಟದಲ್ಲಿ ಅಭಿವೃದ್ಧಿ ಕಾರ್ಯಗಳು ನಡೆಯಬೇಕು. ಗ್ರಾಮ ರಾಜ್ಯದಿಂದಲೇ ರಾಮ ರಾಜ್ಯ ಸಾಧ್ಯ ಎಂದು ಶಾಸಕಿ ಭಾಗೀರಥಿ ಮುರುಳ್ಯ ಹೇಳಿದರು. ಕೊಯ್ಲ ಗ್ರಾಮ ಪಂಚಾಯತ್ ವ್ಯಾಪ್ತಿಯ ಕೊಯ್ಲ ಗೋಕುಲನಗರದಲ್ಲಿ ಶಾಸಕರ ಪ್ರದೇಶಾಭಿವೃದ್ಧಿ ಯೋಜನೆಯಡಿ ರೂ.5 ಲಕ್ಷ ವೆಚ್ಚದಲ್ಲಿ ನಿರ್ಮಾಣಗೊಂಡ ನೂತನ ಆಟೋರಿಕ್ಷಾ ತಂಗುದಾಣ ಹಾಗೂ ಬಸ್ಸು ತಂಗುದಾಣವನ್ನು ಉದ್ಘಾಟಿಸಿ ಅವರು ಮಾತನಾಡಿದರು. ಗ್ರಾಮೀಣ ಭಾಗದ ಜನರಿಗೆ ಮೂಲಭೂತ ಸೌಕರ್ಯ ಒದಗಿಸುವುದು ನಮ್ಮ ಆದ್ಯತೆಯಾಗಿದೆ. ಈ ಭಾಗದ ಹಲವು ಬೇಡಿಕೆಗಳನ್ನು ಈಡೇರಿಸಲಾಗಿದ್ದು ಮುಂದಿನ ದಿನಗಳಲ್ಲಿ ಇನ್ನಷ್ಟು ಅಭಿವೃದ್ಧಿ ಕಾಮಗಾರಿಗಳನ್ನು ಕೈಗೆತ್ತಿಕೊಳ್ಳಲಾಗುವುದು ಎಂದರು. ಕೊಯ್ಲ ಗ್ರಾಮ
